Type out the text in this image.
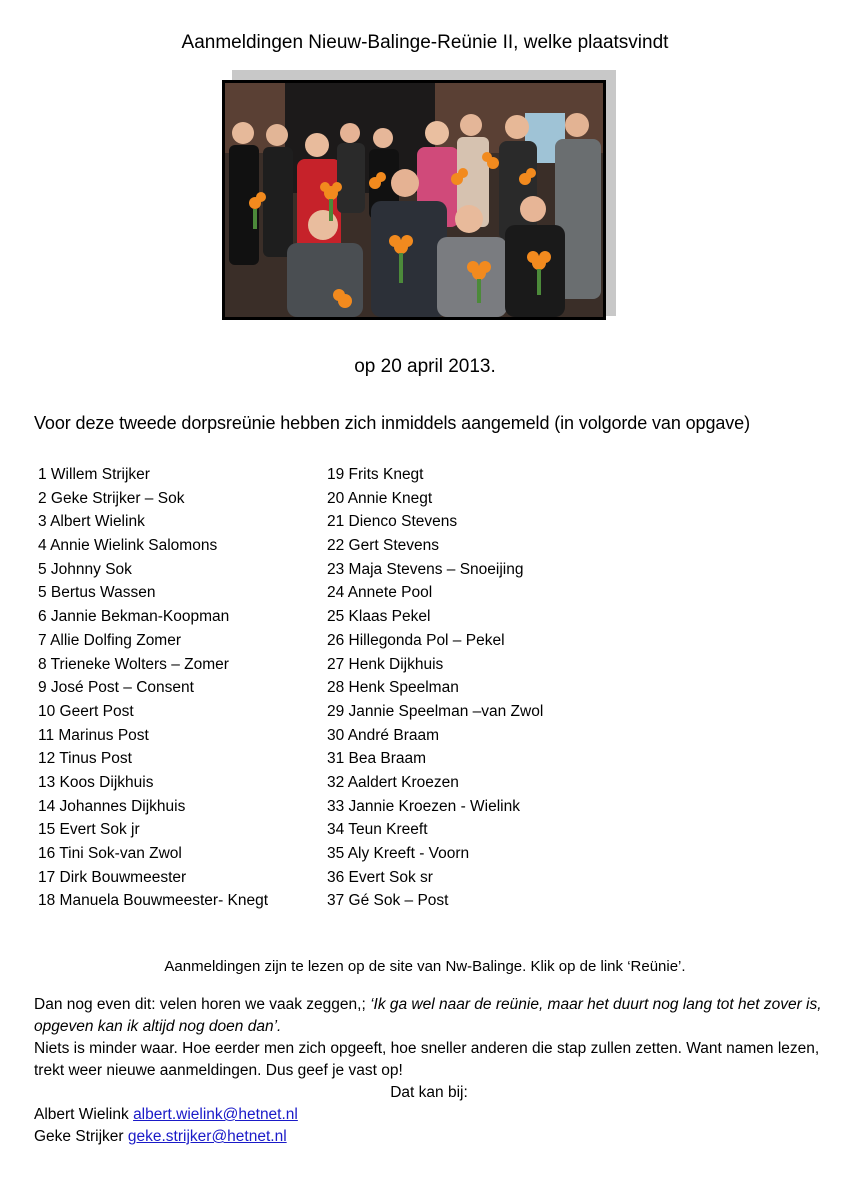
Aanmeldingen Nieuw-Balinge-Reünie II, welke plaatsvindt
op 20 april 2013.
Voor deze tweede dorpsreünie hebben zich inmiddels aangemeld (in volgorde van opgave)
1 Willem Strijker
2 Geke Strijker – Sok
3 Albert Wielink
4 Annie Wielink Salomons
5 Johnny Sok
5 Bertus Wassen
6 Jannie Bekman-Koopman
7 Allie Dolfing Zomer
8 Trieneke Wolters – Zomer
9 José Post – Consent
10 Geert Post
11 Marinus Post
12 Tinus Post
13 Koos Dijkhuis
14 Johannes Dijkhuis
15 Evert Sok jr
16 Tini Sok-van Zwol
17 Dirk Bouwmeester
18 Manuela Bouwmeester- Knegt
19 Frits Knegt
20 Annie Knegt
21 Dienco Stevens
22 Gert Stevens
23 Maja Stevens – Snoeijing
24 Annete Pool
25 Klaas Pekel
26 Hillegonda Pol – Pekel
27 Henk Dijkhuis
28 Henk Speelman
29 Jannie Speelman –van Zwol
30 André Braam
31 Bea Braam
32 Aaldert Kroezen
33 Jannie Kroezen - Wielink
34 Teun Kreeft
35 Aly Kreeft - Voorn
36 Evert Sok sr
37 Gé Sok – Post
Aanmeldingen zijn te lezen op de site van Nw-Balinge. Klik op de link ‘Reünie’.

Dan nog even dit: velen horen we vaak zeggen,; ‘Ik ga wel naar de reünie, maar het duurt nog lang tot het zover is, opgeven kan ik altijd nog doen dan’.

Niets is minder waar. Hoe eerder men zich opgeeft, hoe sneller anderen die stap zullen zetten. Want namen lezen, trekt weer nieuwe aanmeldingen. Dus geef je vast op!

Dat kan bij:

Albert Wielink albert.wielink@hetnet.nl

Geke Strijker geke.strijker@hetnet.nl
